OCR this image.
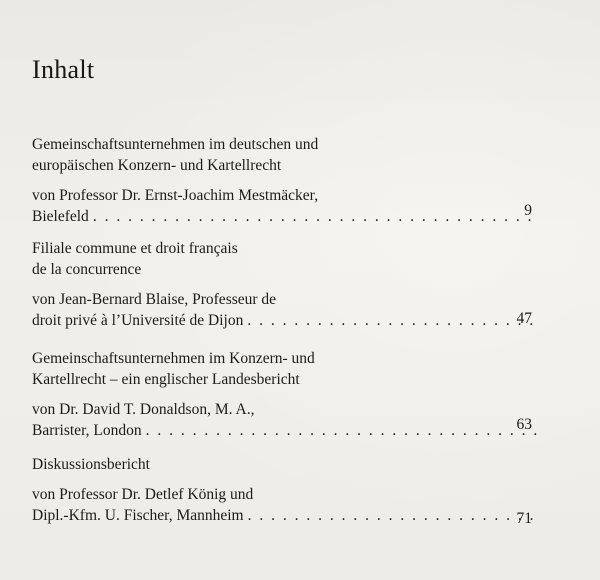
Inhalt
Gemeinschaftsunternehmen im deutschen und
europäischen Konzern- und Kartellrecht
von Professor Dr. Ernst-Joachim Mestmäcker,
Bielefeld . . .	9
Filiale commune et droit français
de la concurrence
von Jean-Bernard Blaise, Professeur de
droit privé à l’Université de Dijon . . .	47
Gemeinschaftsunternehmen im Konzern- und
Kartellrecht – ein englischer Landesbericht
von Dr. David T. Donaldson, M. A.,
Barrister, London . . .	63
Diskussionsbericht
von Professor Dr. Detlef König und
Dipl.-Kfm. U. Fischer, Mannheim . . .	71
